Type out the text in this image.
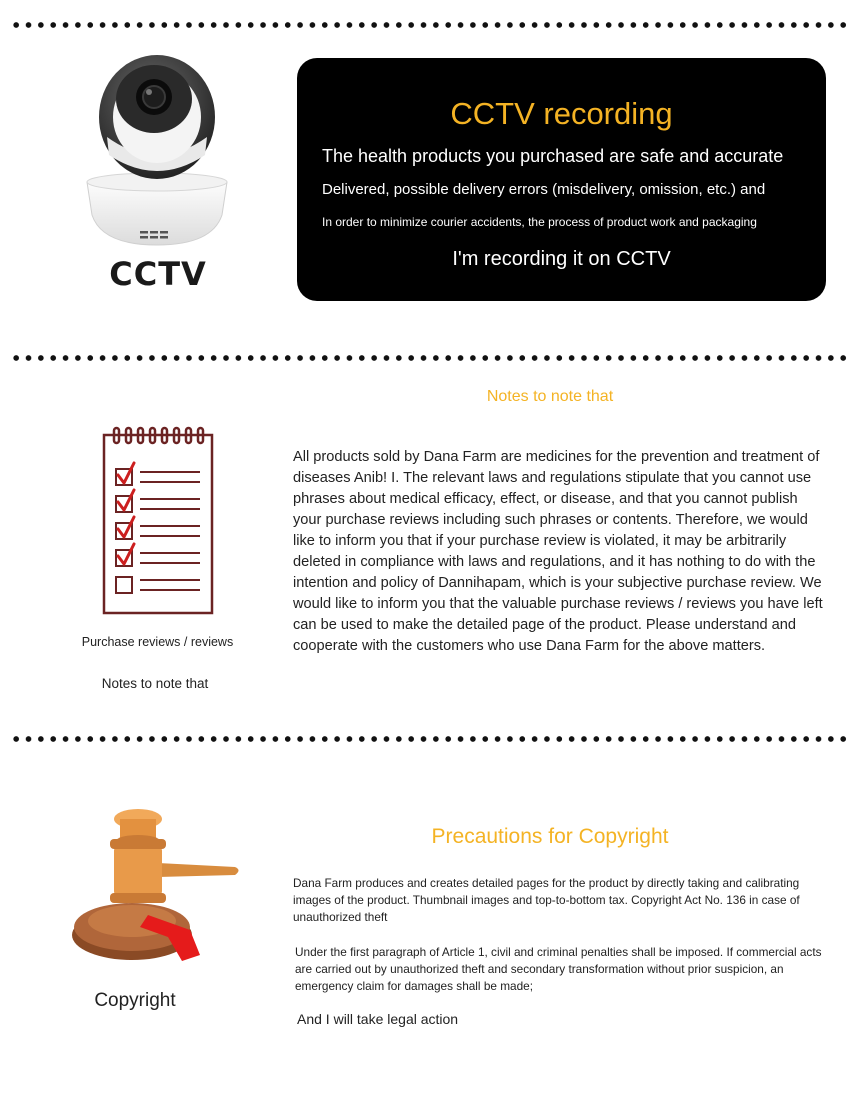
CCTV
CCTV recording
The health products you purchased are safe and accurate
Delivered, possible delivery errors (misdelivery, omission, etc.) and
In order to minimize courier accidents, the process of product work and packaging
I'm recording it on CCTV
Purchase reviews / reviews
Notes to note that
Notes to note that
All products sold by Dana Farm are medicines for the prevention and treatment of diseases Anib! I. The relevant laws and regulations stipulate that you cannot use phrases about medical efficacy, effect, or disease, and that you cannot publish your purchase reviews including such phrases or contents. Therefore, we would like to inform you that if your purchase review is violated, it may be arbitrarily deleted in compliance with laws and regulations, and it has nothing to do with the intention and policy of Dannihapam, which is your subjective purchase review. We would like to inform you that the valuable purchase reviews / reviews you have left can be used to make the detailed page of the product. Please understand and cooperate with the customers who use Dana Farm for the above matters.
Copyright
Precautions for Copyright
Dana Farm produces and creates detailed pages for the product by directly taking and calibrating images of the product. Thumbnail images and top-to-bottom tax. Copyright Act No. 136 in case of unauthorized theft
Under the first paragraph of Article 1, civil and criminal penalties shall be imposed. If commercial acts are carried out by unauthorized theft and secondary transformation without prior suspicion, an emergency claim for damages shall be made;
And I will take legal action
